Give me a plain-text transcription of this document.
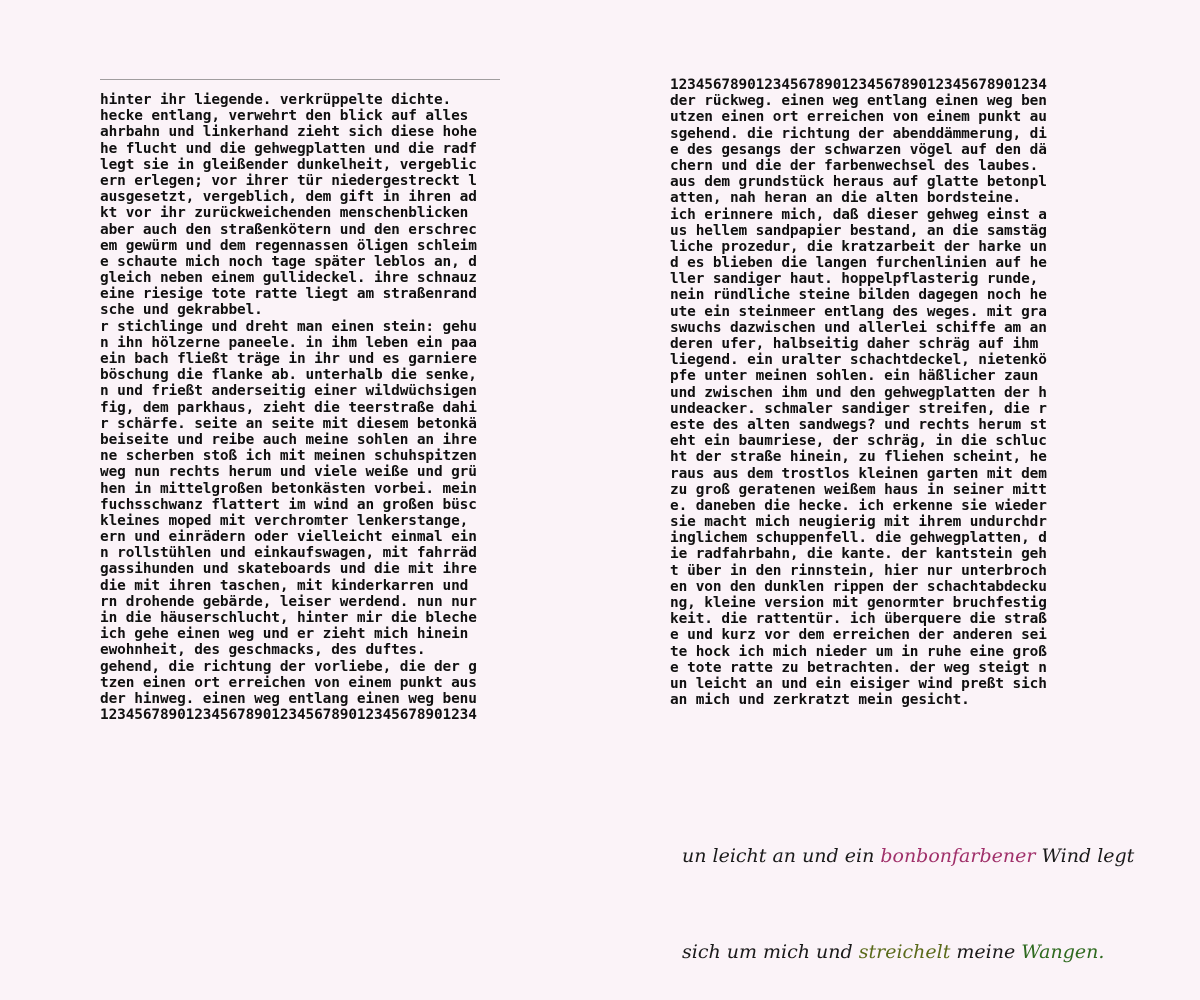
hinter ihr liegende. verkrüppelte dichte.
hecke entlang, verwehrt den blick auf alles
ahrbahn und linkerhand zieht sich diese hohe
he flucht und die gehwegplatten und die radf
legt sie in gleißender dunkelheit, vergeblic
ern erlegen; vor ihrer tür niedergestreckt l
ausgesetzt, vergeblich, dem gift in ihren ad
kt vor ihr zurückweichenden menschenblicken
aber auch den straßenkötern und den erschrec
em gewürm und dem regennassen öligen schleim
e schaute mich noch tage später leblos an, d
gleich neben einem gullideckel. ihre schnauz
eine riesige tote ratte liegt am straßenrand
sche und gekrabbel.
r stichlinge und dreht man einen stein: gehu
n ihn hölzerne paneele. in ihm leben ein paa
ein bach fließt träge in ihr und es garniere
böschung die flanke ab. unterhalb die senke,
n und frießt anderseitig einer wildwüchsigen
fig, dem parkhaus, zieht die teerstraße dahi
r schärfe. seite an seite mit diesem betonkä
beiseite und reibe auch meine sohlen an ihre
ne scherben stoß ich mit meinen schuhspitzen
weg nun rechts herum und viele weiße und grü
hen in mittelgroßen betonkästen vorbei. mein
fuchsschwanz flattert im wind an großen büsc
kleines moped mit verchromter lenkerstange,
ern und einrädern oder vielleicht einmal ein
n rollstühlen und einkaufswagen, mit fahrräd
gassihunden und skateboards und die mit ihre
die mit ihren taschen, mit kinderkarren und
rn drohende gebärde, leiser werdend. nun nur
in die häuserschlucht, hinter mir die bleche
ich gehe einen weg und er zieht mich hinein
ewohnheit, des geschmacks, des duftes.
gehend, die richtung der vorliebe, die der g
tzen einen ort erreichen von einem punkt aus
der hinweg. einen weg entlang einen weg benu
12345678901234567890123456789012345678901234
12345678901234567890123456789012345678901234
der rückweg. einen weg entlang einen weg ben
utzen einen ort erreichen von einem punkt au
sgehend. die richtung der abenddämmerung, di
e des gesangs der schwarzen vögel auf den dä
chern und die der farbenwechsel des laubes.
aus dem grundstück heraus auf glatte betonpl
atten, nah heran an die alten bordsteine.
ich erinnere mich, daß dieser gehweg einst a
us hellem sandpapier bestand, an die samstäg
liche prozedur, die kratzarbeit der harke un
d es blieben die langen furchenlinien auf he
ller sandiger haut. hoppelpflasterig runde,
nein ründliche steine bilden dagegen noch he
ute ein steinmeer entlang des weges. mit gra
swuchs dazwischen und allerlei schiffe am an
deren ufer, halbseitig daher schräg auf ihm
liegend. ein uralter schachtdeckel, nietenkö
pfe unter meinen sohlen. ein häßlicher zaun
und zwischen ihm und den gehwegplatten der h
undeacker. schmaler sandiger streifen, die r
este des alten sandwegs? und rechts herum st
eht ein baumriese, der schräg, in die schluc
ht der straße hinein, zu fliehen scheint, he
raus aus dem trostlos kleinen garten mit dem
zu groß geratenen weißem haus in seiner mitt
e. daneben die hecke. ich erkenne sie wieder
sie macht mich neugierig mit ihrem undurchdr
inglichem schuppenfell. die gehwegplatten, d
ie radfahrbahn, die kante. der kantstein geh
t über in den rinnstein, hier nur unterbroch
en von den dunklen rippen der schachtabdecku
ng, kleine version mit genormter bruchfestig
keit. die rattentür. ich überquere die straß
e und kurz vor dem erreichen der anderen sei
te hock ich mich nieder um in ruhe eine groß
e tote ratte zu betrachten. der weg steigt n
un leicht an und ein eisiger wind preßt sich
an mich und zerkratzt mein gesicht.

un leicht an und ein bonbonfarbener Wind legt

sich um mich und streichelt meine Wangen.
